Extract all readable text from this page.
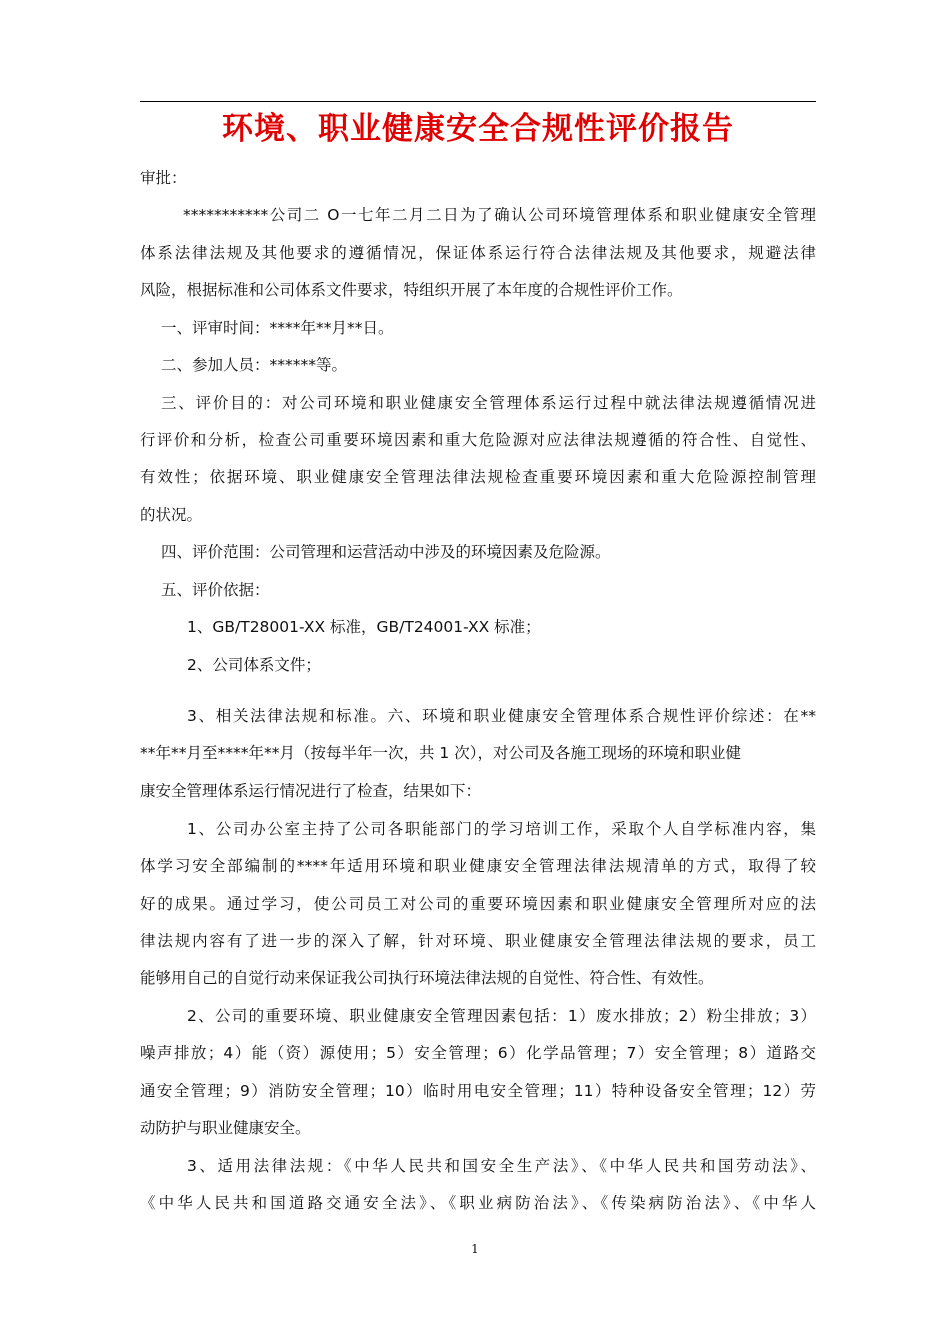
环境、职业健康安全合规性评价报告
审批：
***********公司二 O一七年二月二日为了确认公司环境管理体系和职业健康安全管理
体系法律法规及其他要求的遵循情况，保证体系运行符合法律法规及其他要求，规避法律
风险，根据标准和公司体系文件要求，特组织开展了本年度的合规性评价工作。
一、评审时间：****年**月**日。
二、参加人员：******等。
三、评价目的：对公司环境和职业健康安全管理体系运行过程中就法律法规遵循情况进
行评价和分析，检查公司重要环境因素和重大危险源对应法律法规遵循的符合性、自觉性、
有效性；依据环境、职业健康安全管理法律法规检查重要环境因素和重大危险源控制管理
的状况。
四、评价范围：公司管理和运营活动中涉及的环境因素及危险源。
五、评价依据：
1、GB/T28001-XX 标准，GB/T24001-XX 标准；
2、公司体系文件；
3、相关法律法规和标准。六、环境和职业健康安全管理体系合规性评价综述：在**
**年**月至****年**月（按每半年一次，共 1 次），对公司及各施工现场的环境和职业健
康安全管理体系运行情况进行了检查，结果如下：
1、公司办公室主持了公司各职能部门的学习培训工作，采取个人自学标准内容，集
体学习安全部编制的****年适用环境和职业健康安全管理法律法规清单的方式，取得了较
好的成果。通过学习，使公司员工对公司的重要环境因素和职业健康安全管理所对应的法
律法规内容有了进一步的深入了解，针对环境、职业健康安全管理法律法规的要求，员工
能够用自己的自觉行动来保证我公司执行环境法律法规的自觉性、符合性、有效性。
2、公司的重要环境、职业健康安全管理因素包括：1）废水排放；2）粉尘排放；3）
噪声排放；4）能（资）源使用；5）安全管理；6）化学品管理；7）安全管理；8）道路交
通安全管理；9）消防安全管理；10）临时用电安全管理；11）特种设备安全管理；12）劳
动防护与职业健康安全。
3、适用法律法规：《中华人民共和国安全生产法》、《中华人民共和国劳动法》、
《中华人民共和国道路交通安全法》、《职业病防治法》、《传染病防治法》、《中华人
1
